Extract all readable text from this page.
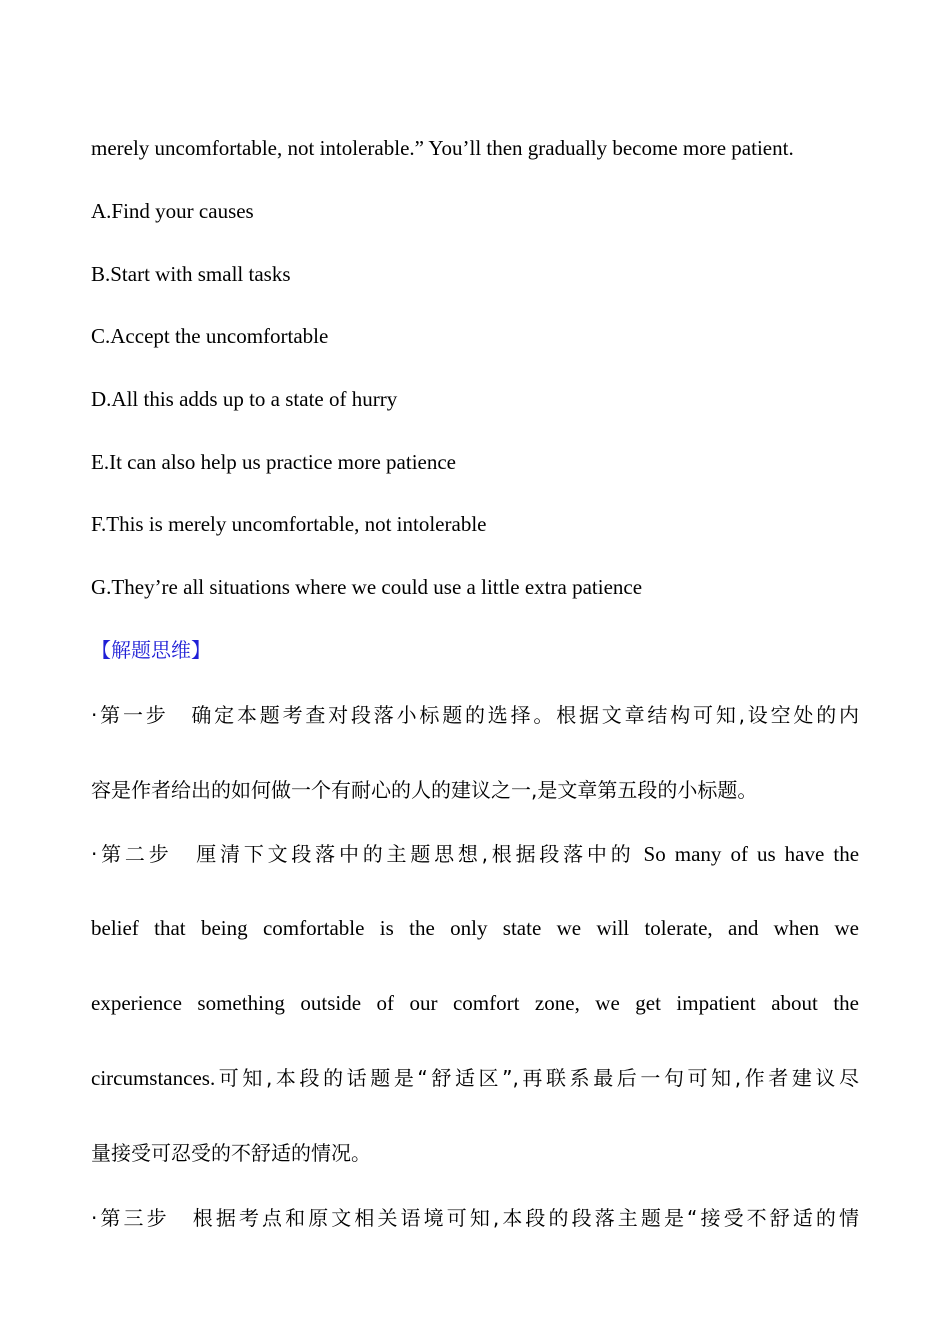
merely uncomfortable, not intolerable.” You’ll then gradually become more patient.
A.Find your causes
B.Start with small tasks
C.Accept the uncomfortable
D.All this adds up to a state of hurry
E.It can also help us practice more patience
F.This is merely uncomfortable, not intolerable
G.They’re all situations where we could use a little extra patience
【解题思维】
·第一步　确定本题考查对段落小标题的选择。根据文章结构可知,设空处的内
容是作者给出的如何做一个有耐心的人的建议之一,是文章第五段的小标题。
·第二步　厘清下文段落中的主题思想,根据段落中的 So many of us have the
belief that being comfortable is the only state we will tolerate, and when we
experience something outside of our comfort zone, we get impatient about the
circumstances.可知,本段的话题是“舒适区”,再联系最后一句可知,作者建议尽
量接受可忍受的不舒适的情况。
·第三步　根据考点和原文相关语境可知,本段的段落主题是“接受不舒适的情
